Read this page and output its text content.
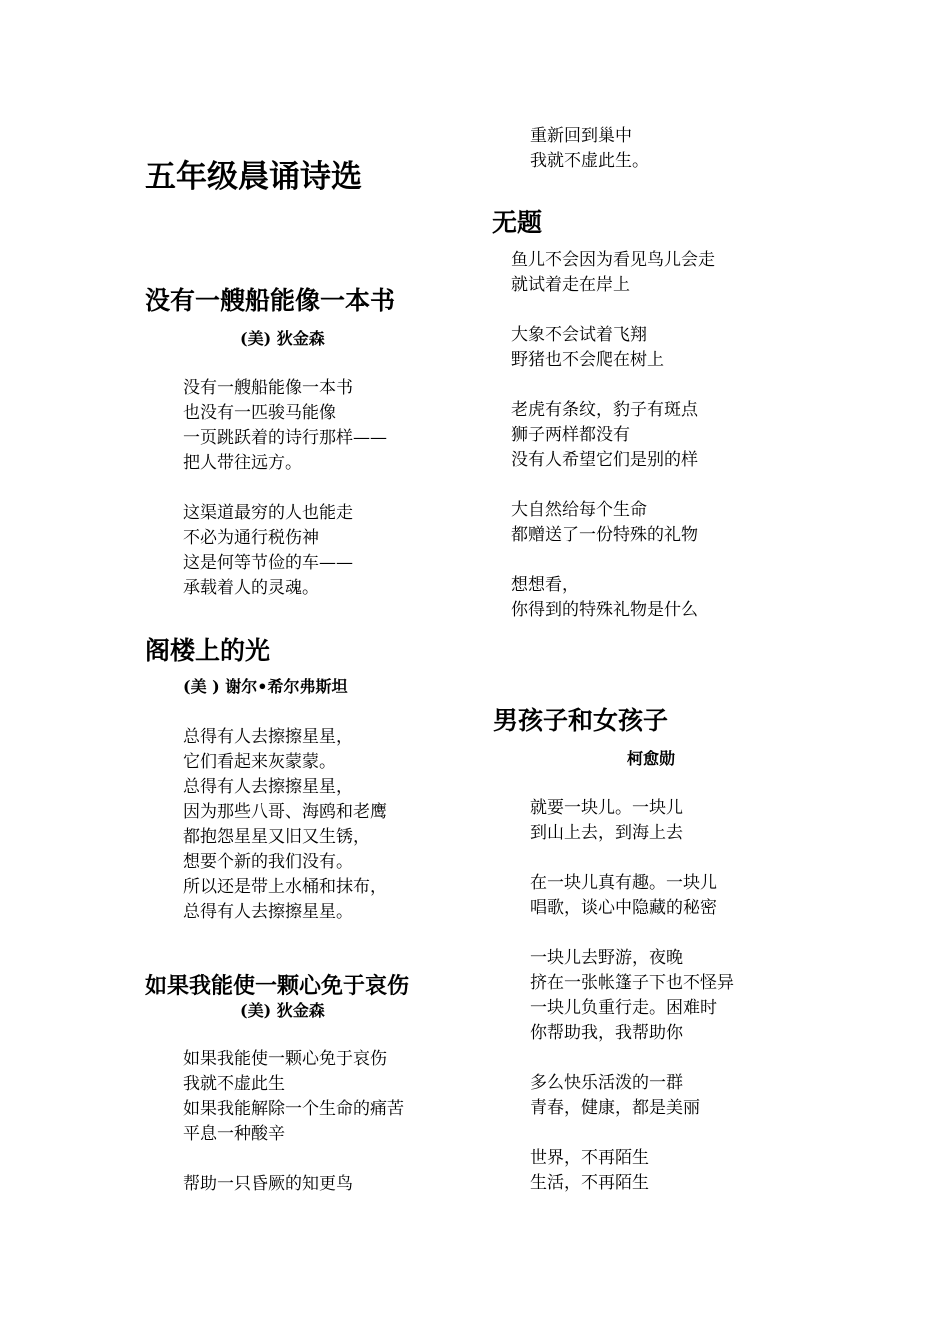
五年级晨诵诗选
没有一艘船能像一本书
(美) 狄金森
没有一艘船能像一本书
也没有一匹骏马能像
一页跳跃着的诗行那样——
把人带往远方。
这渠道最穷的人也能走
不必为通行税伤神
这是何等节俭的车——
承载着人的灵魂。
阁楼上的光
(美 ) 谢尔•希尔弗斯坦
总得有人去擦擦星星，
它们看起来灰蒙蒙。
总得有人去擦擦星星，
因为那些八哥、海鸥和老鹰
都抱怨星星又旧又生锈，
想要个新的我们没有。
所以还是带上水桶和抹布，
总得有人去擦擦星星。
如果我能使一颗心免于哀伤
(美) 狄金森
如果我能使一颗心免于哀伤
我就不虚此生
如果我能解除一个生命的痛苦
平息一种酸辛
帮助一只昏厥的知更鸟
重新回到巢中
我就不虚此生。
无题
鱼儿不会因为看见鸟儿会走
就试着走在岸上
大象不会试着飞翔
野猪也不会爬在树上
老虎有条纹，豹子有斑点
狮子两样都没有
没有人希望它们是别的样
大自然给每个生命
都赠送了一份特殊的礼物
想想看，
你得到的特殊礼物是什么
男孩子和女孩子
柯愈勋
就要一块儿。一块儿
到山上去，到海上去
在一块儿真有趣。一块儿
唱歌，谈心中隐藏的秘密
一块儿去野游，夜晚
挤在一张帐篷子下也不怪异
一块儿负重行走。困难时
你帮助我，我帮助你
多么快乐活泼的一群
青春，健康，都是美丽
世界，不再陌生
生活，不再陌生
